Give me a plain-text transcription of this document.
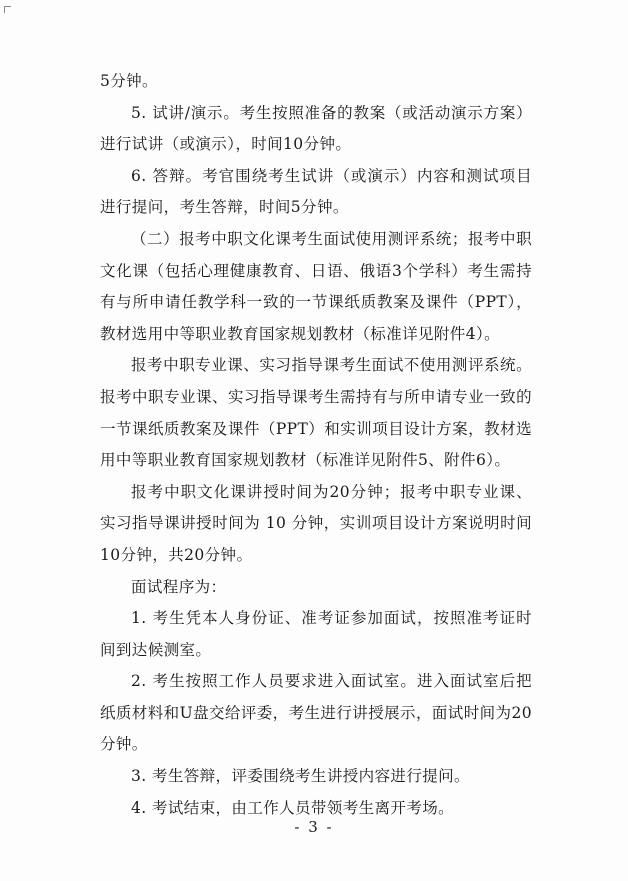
5分钟。

5. 试讲/演示。考生按照准备的教案（或活动演示方案）进行试讲（或演示），时间10分钟。

6. 答辩。考官围绕考生试讲（或演示）内容和测试项目进行提问，考生答辩，时间5分钟。

（二）报考中职文化课考生面试使用测评系统；报考中职文化课（包括心理健康教育、日语、俄语3个学科）考生需持有与所申请任教学科一致的一节课纸质教案及课件（PPT），教材选用中等职业教育国家规划教材（标准详见附件4）。

报考中职专业课、实习指导课考生面试不使用测评系统。报考中职专业课、实习指导课考生需持有与所申请专业一致的一节课纸质教案及课件（PPT）和实训项目设计方案，教材选用中等职业教育国家规划教材（标准详见附件5、附件6）。

报考中职文化课讲授时间为20分钟；报考中职专业课、实习指导课讲授时间为 10 分钟，实训项目设计方案说明时间10分钟，共20分钟。

面试程序为：

1. 考生凭本人身份证、准考证参加面试，按照准考证时间到达候测室。

2. 考生按照工作人员要求进入面试室。进入面试室后把纸质材料和U盘交给评委，考生进行讲授展示，面试时间为20分钟。

3. 考生答辩，评委围绕考生讲授内容进行提问。

4. 考试结束，由工作人员带领考生离开考场。

- 3 -
